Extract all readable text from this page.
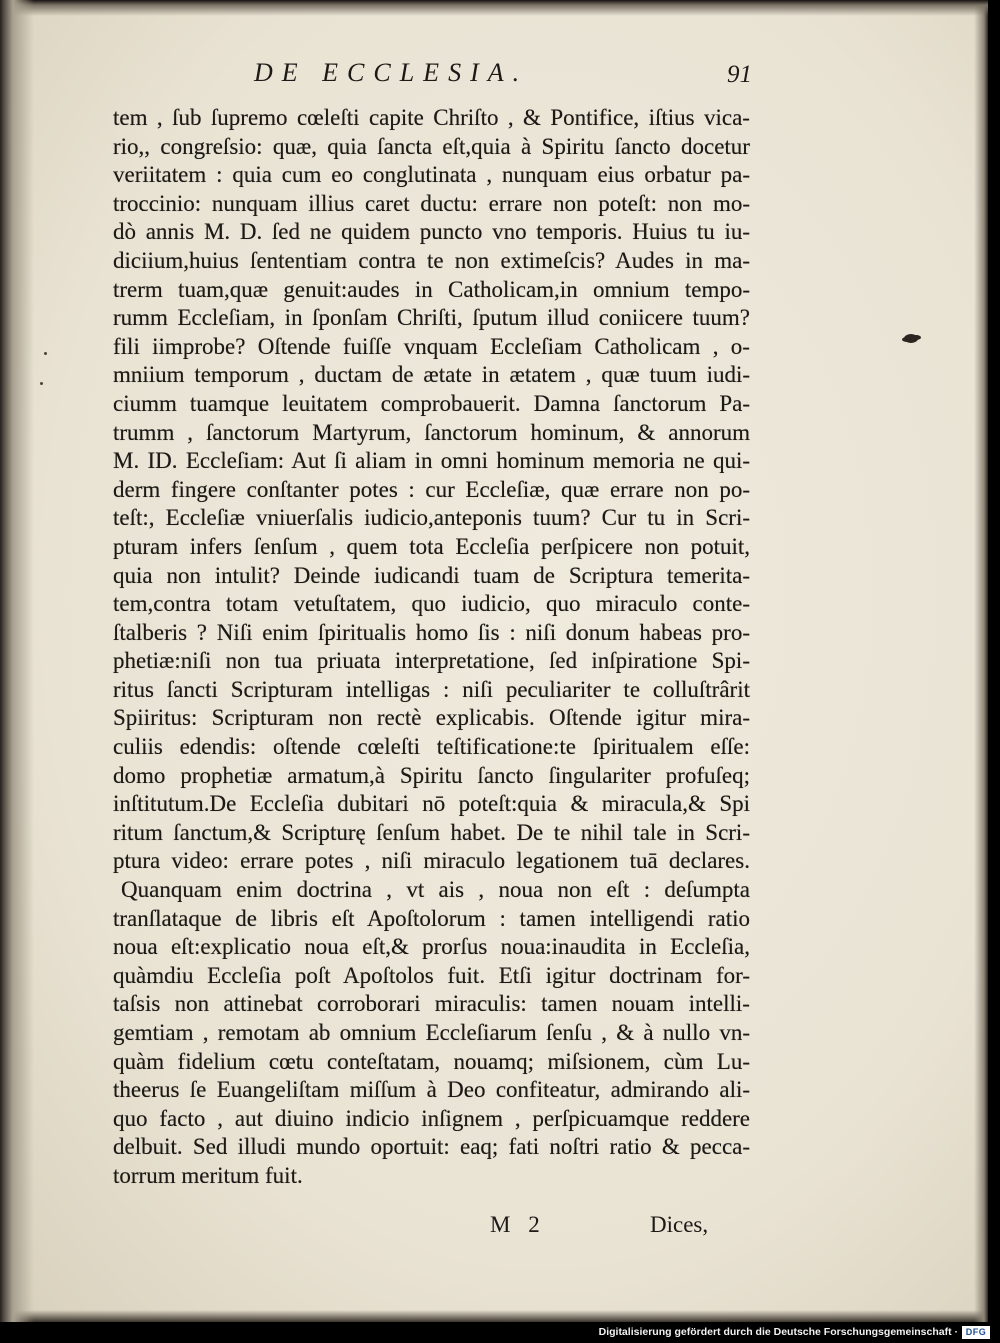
DE ECCLESIA.	91
tem , ſub ſupremo cœleſti capite Chriſto , & Pontifice, iſtius vica-
rio,, congreſsio: quæ, quia ſancta eſt,quia à Spiritu ſancto docetur
veriitatem : quia cum eo conglutinata , nunquam eius orbatur pa-
troccinio: nunquam illius caret ductu: errare non poteſt: non mo-
dò annis M. D. ſed ne quidem puncto vno temporis. Huius tu iu-
diciium,huius ſententiam contra te non extimeſcis? Audes in ma-
trerm tuam,quæ genuit:audes in Catholicam,in omnium tempo-
rumm Eccleſiam, in ſponſam Chriſti, ſputum illud coniicere tuum?
fili iimprobe? Oſtende fuiſſe vnquam Eccleſiam Catholicam , o-
mniium temporum , ductam de ætate in ætatem , quæ tuum iudi-
ciumm tuamque leuitatem comprobauerit. Damna ſanctorum Pa-
trumm , ſanctorum Martyrum, ſanctorum hominum, & annorum
M. ID. Eccleſiam: Aut ſi aliam in omni hominum memoria ne qui-
derm fingere conſtanter potes : cur Eccleſiæ, quæ errare non po-
teſt:, Eccleſiæ vniuerſalis iudicio,anteponis tuum? Cur tu in Scri-
pturam infers ſenſum , quem tota Eccleſia perſpicere non potuit,
quia non intulit? Deinde iudicandi tuam de Scriptura temerita-
tem,contra totam vetuſtatem, quo iudicio, quo miraculo conte-
ſtalberis ? Niſi enim ſpiritualis homo ſis : niſi donum habeas pro-
phetiæ:niſi non tua priuata interpretatione, ſed inſpiratione Spi-
ritus ſancti Scripturam intelligas : niſi peculiariter te colluſtrârit
Spiiritus: Scripturam non rectè explicabis. Oſtende igitur mira-
culiis edendis: oſtende cœleſti teſtificatione:te ſpiritualem eſſe:
domo prophetiæ armatum,à Spiritu ſancto ſingulariter profuſeq;
inſtitutum.De Eccleſia dubitari nō poteſt:quia & miracula,& Spi
ritum ſanctum,& Scripturę ſenſum habet. De te nihil tale in Scri-
ptura video: errare potes , niſi miraculo legationem tuā declares.
Quanquam enim doctrina , vt ais , noua non eſt : deſumpta
tranſlataque de libris eſt Apoſtolorum : tamen intelligendi ratio
noua eſt:explicatio noua eſt,& prorſus noua:inaudita in Eccleſia,
quàmdiu Eccleſia poſt Apoſtolos fuit. Etſi igitur doctrinam for-
taſsis non attinebat corroborari miraculis: tamen nouam intelli-
gemtiam , remotam ab omnium Eccleſiarum ſenſu , & à nullo vn-
quàm fidelium cœtu conteſtatam, nouamq; miſsionem, cùm Lu-
theerus ſe Euangeliſtam miſſum à Deo confiteatur, admirando ali-
quo facto , aut diuino indicio inſignem , perſpicuamque reddere
delbuit. Sed illudi mundo oportuit: eaq; fati noſtri ratio & pecca-
torrum meritum fuit.
M 2	Dices,
Digitalisierung gefördert durch die Deutsche Forschungsgemeinschaft · DFG
